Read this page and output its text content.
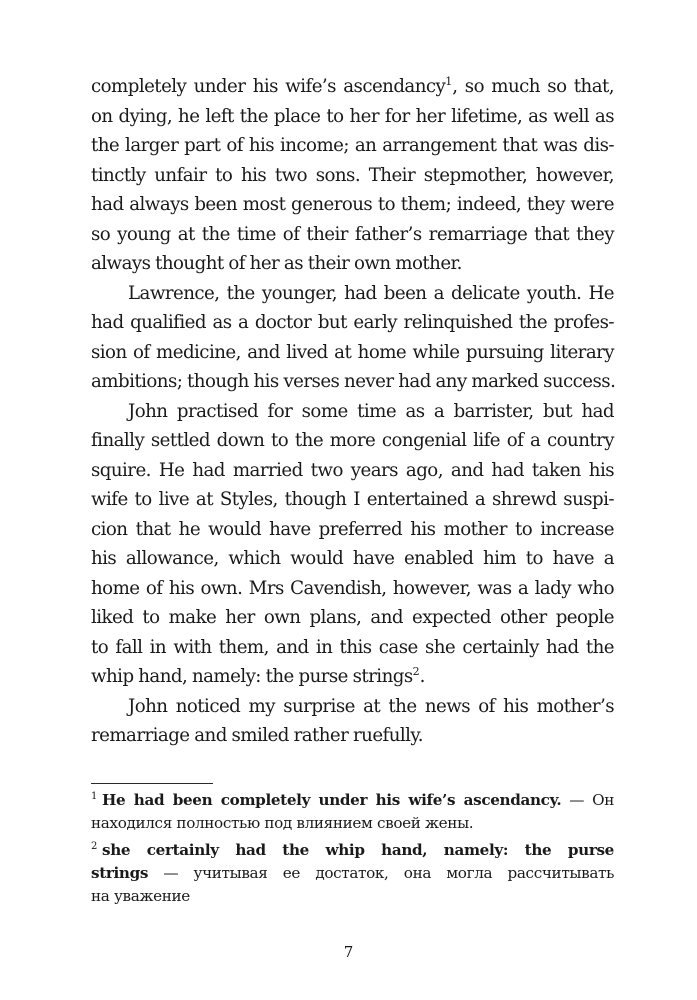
completely under his wife’s ascendancy$^1$, so much so that,
on dying, he left the place to her for her lifetime, as well as
the larger part of his income; an arrangement that was dis-
tinctly unfair to his two sons. Their stepmother, however,
had always been most generous to them; indeed, they were
so young at the time of their father’s remarriage that they
always thought of her as their own mother.
Lawrence, the younger, had been a delicate youth. He
had qualified as a doctor but early relinquished the profes-
sion of medicine, and lived at home while pursuing literary
ambitions; though his verses never had any marked success.
John practised for some time as a barrister, but had
finally settled down to the more congenial life of a country
squire. He had married two years ago, and had taken his
wife to live at Styles, though I entertained a shrewd suspi-
cion that he would have preferred his mother to increase
his allowance, which would have enabled him to have a
home of his own. Mrs Cavendish, however, was a lady who
liked to make her own plans, and expected other people
to fall in with them, and in this case she certainly had the
whip hand, namely: the purse strings$^2$.
John noticed my surprise at the news of his mother’s
remarriage and smiled rather ruefully.
$^1$ He had been completely under his wife’s ascendancy. — Он
находился полностью под влиянием своей жены.
$^2$ she certainly had the whip hand, namely: the purse
strings — учитывая ее достаток, она могла рассчитывать
на уважение
7
